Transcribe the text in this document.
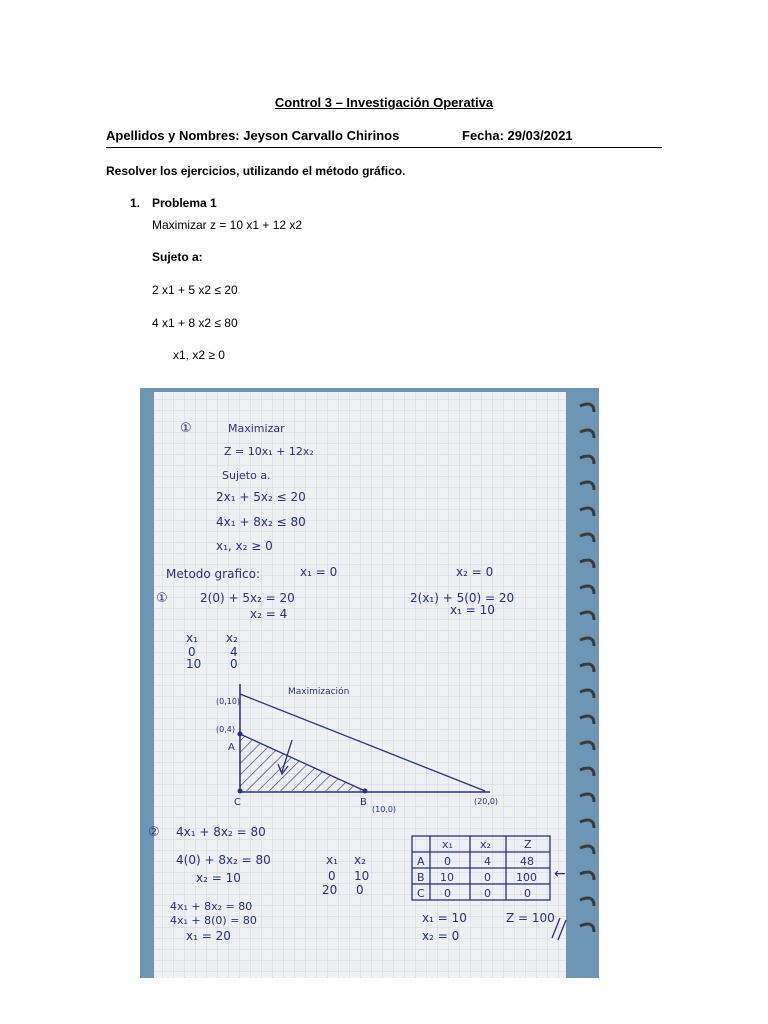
Control 3 – Investigación Operativa
Apellidos y Nombres: Jeyson Carvallo Chirinos	Fecha: 29/03/2021
Resolver los ejercicios, utilizando el método gráfico.
1. Problema 1
Maximizar z = 10 x1 + 12 x2
Sujeto a:
2 x1 + 5 x2 ≤ 20
4 x1 + 8 x2 ≤ 80
x1, x2 ≥ 0
①	Maximizar
Z = 10x₁ + 12x₂
Sujeto a.
2x₁ + 5x₂ ≤ 20
4x₁ + 8x₂ ≤ 80
x₁, x₂ ≥ 0
Metodo grafico:	x₁ = 0	x₂ = 0
①	2(0) + 5x₂ = 20
x₂ = 4
2(x₁) + 5(0) = 20
x₁ = 10
x₁ x₂
0	4
10 0
Maximización
(0,10)
(0,4)
A
C	B
(10,0)
(20,0)
② 4x₁ + 8x₂ = 80
4(0) + 8x₂ = 80
x₂ = 10
4x₁ + 8x₂ = 80
4x₁ + 8(0) = 80
x₁ = 20
x₁ x₂
0 10
20 0
x₁ x₂	Z
A 0	4	48
B 10	0 100
C 0	0	0
←
x₁ = 10
x₂ = 0
Z = 100
